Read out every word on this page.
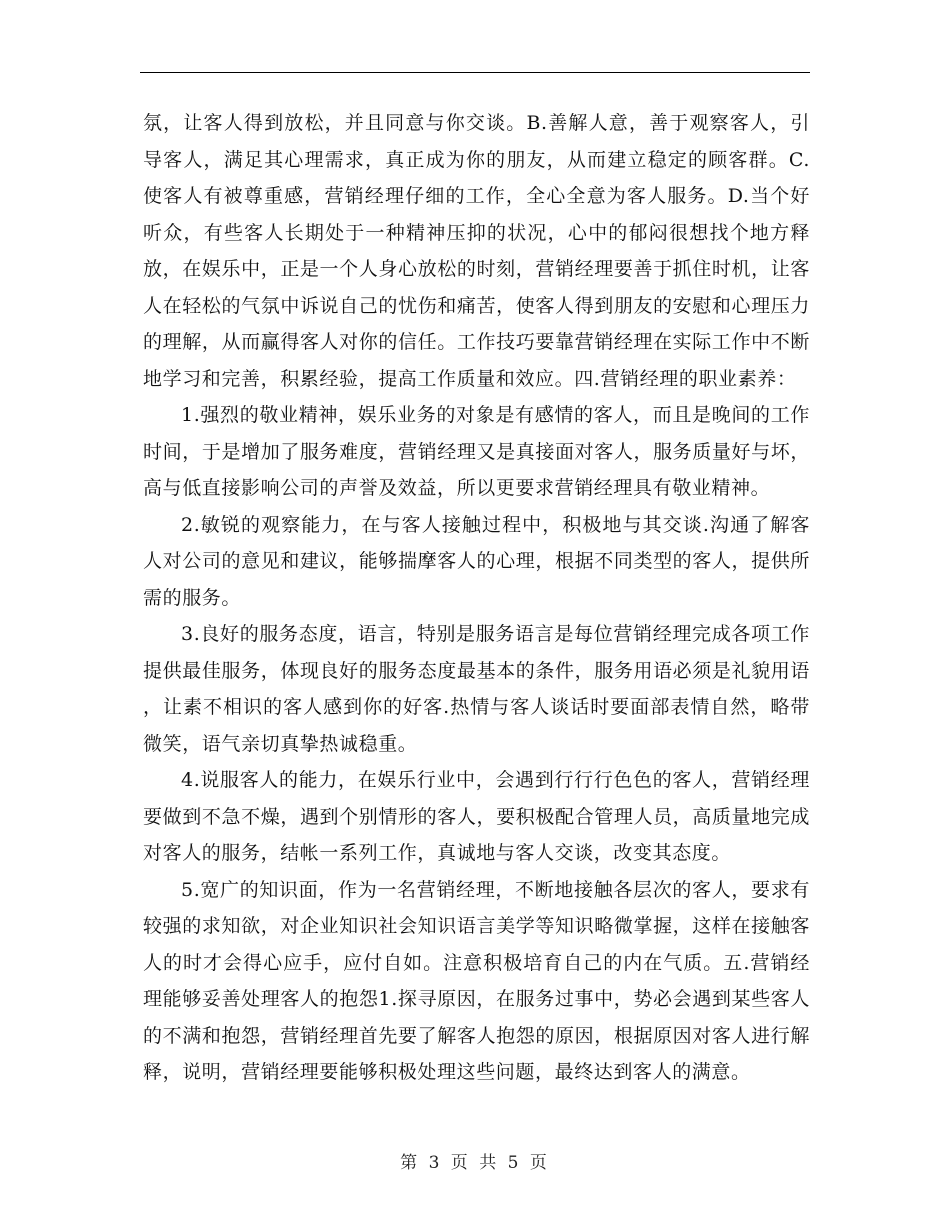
氛，让客人得到放松，并且同意与你交谈。B.善解人意，善于观察客人，引导客人，满足其心理需求，真正成为你的朋友，从而建立稳定的顾客群。C.使客人有被尊重感，营销经理仔细的工作，全心全意为客人服务。D.当个好听众，有些客人长期处于一种精神压抑的状况，心中的郁闷很想找个地方释放，在娱乐中，正是一个人身心放松的时刻，营销经理要善于抓住时机，让客人在轻松的气氛中诉说自己的忧伤和痛苦，使客人得到朋友的安慰和心理压力的理解，从而赢得客人对你的信任。工作技巧要靠营销经理在实际工作中不断地学习和完善，积累经验，提高工作质量和效应。四.营销经理的职业素养：

1.强烈的敬业精神，娱乐业务的对象是有感情的客人，而且是晚间的工作时间，于是增加了服务难度，营销经理又是真接面对客人，服务质量好与坏，高与低直接影响公司的声誉及效益，所以更要求营销经理具有敬业精神。

2.敏锐的观察能力，在与客人接触过程中，积极地与其交谈.沟通了解客人对公司的意见和建议，能够揣摩客人的心理，根据不同类型的客人，提供所需的服务。

3.良好的服务态度，语言，特别是服务语言是每位营销经理完成各项工作提供最佳服务，体现良好的服务态度最基本的条件，服务用语必须是礼貌用语 ，让素不相识的客人感到你的好客.热情与客人谈话时要面部表情自然，略带微笑，语气亲切真挚热诚稳重。

4.说服客人的能力，在娱乐行业中，会遇到行行行色色的客人，营销经理要做到不急不燥，遇到个别情形的客人，要积极配合管理人员，高质量地完成对客人的服务，结帐一系列工作，真诚地与客人交谈，改变其态度。

5.宽广的知识面，作为一名营销经理，不断地接触各层次的客人，要求有较强的求知欲，对企业知识社会知识语言美学等知识略微掌握，这样在接触客人的时才会得心应手，应付自如。注意积极培育自己的内在气质。五.营销经理能够妥善处理客人的抱怨1.探寻原因，在服务过事中，势必会遇到某些客人的不满和抱怨，营销经理首先要了解客人抱怨的原因，根据原因对客人进行解释，说明，营销经理要能够积极处理这些问题，最终达到客人的满意。

第 3 页 共 5 页
